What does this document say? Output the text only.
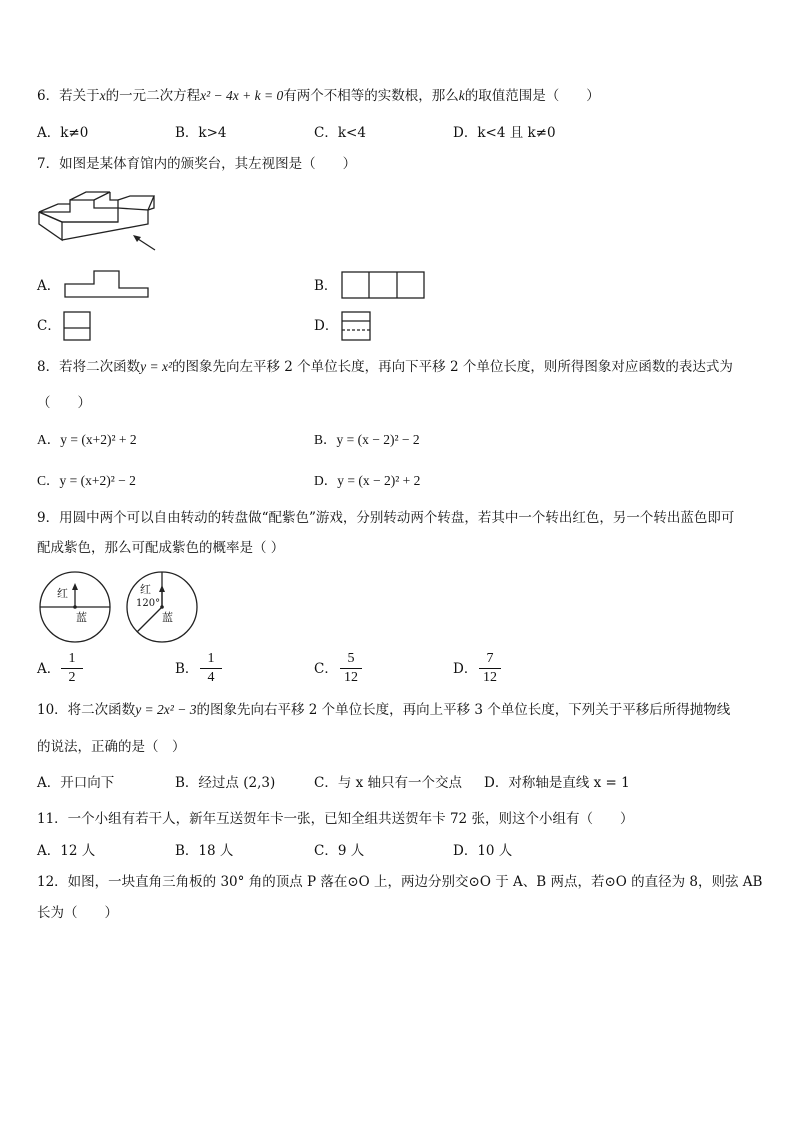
6．若关于x的一元二次方程x² − 4x + k = 0有两个不相等的实数根，那么k的取值范围是（　　）
A．k≠0	B．k>4	C．k<4	D．k<4 且 k≠0
7．如图是某体育馆内的颁奖台，其左视图是（　　）
A．	B．
C．	D．
8．若将二次函数y = x²的图象先向左平移 2 个单位长度，再向下平移 2 个单位长度，则所得图象对应函数的表达式为
（　　）
A．y = (x+2)² + 2	B．y = (x − 2)² − 2
C．y = (x+2)² − 2	D．y = (x − 2)² + 2
9．用圆中两个可以自由转动的转盘做“配紫色”游戏，分别转动两个转盘，若其中一个转出红色，另一个转出蓝色即可
配成紫色，那么可配成紫色的概率是（ ）
红
蓝
红
120°
蓝
A． $\frac{1}{2}$	B． $\frac{1}{4}$	C． $\frac{5}{12}$	D． $\frac{7}{12}$
10．将二次函数y = 2x² − 3的图象先向右平移 2 个单位长度，再向上平移 3 个单位长度，下列关于平移后所得抛物线
的说法，正确的是（　）
A．开口向下	B．经过点 (2,3)	C．与 x 轴只有一个交点 D．对称轴是直线 x = 1
11．一个小组有若干人，新年互送贺年卡一张，已知全组共送贺年卡 72 张，则这个小组有（　　）
A．12 人	B．18 人	C．9 人	D．10 人
12．如图，一块直角三角板的 30° 角的顶点 P 落在⊙O 上，两边分别交⊙O 于 A、B 两点，若⊙O 的直径为 8，则弦 AB
长为（　　）
